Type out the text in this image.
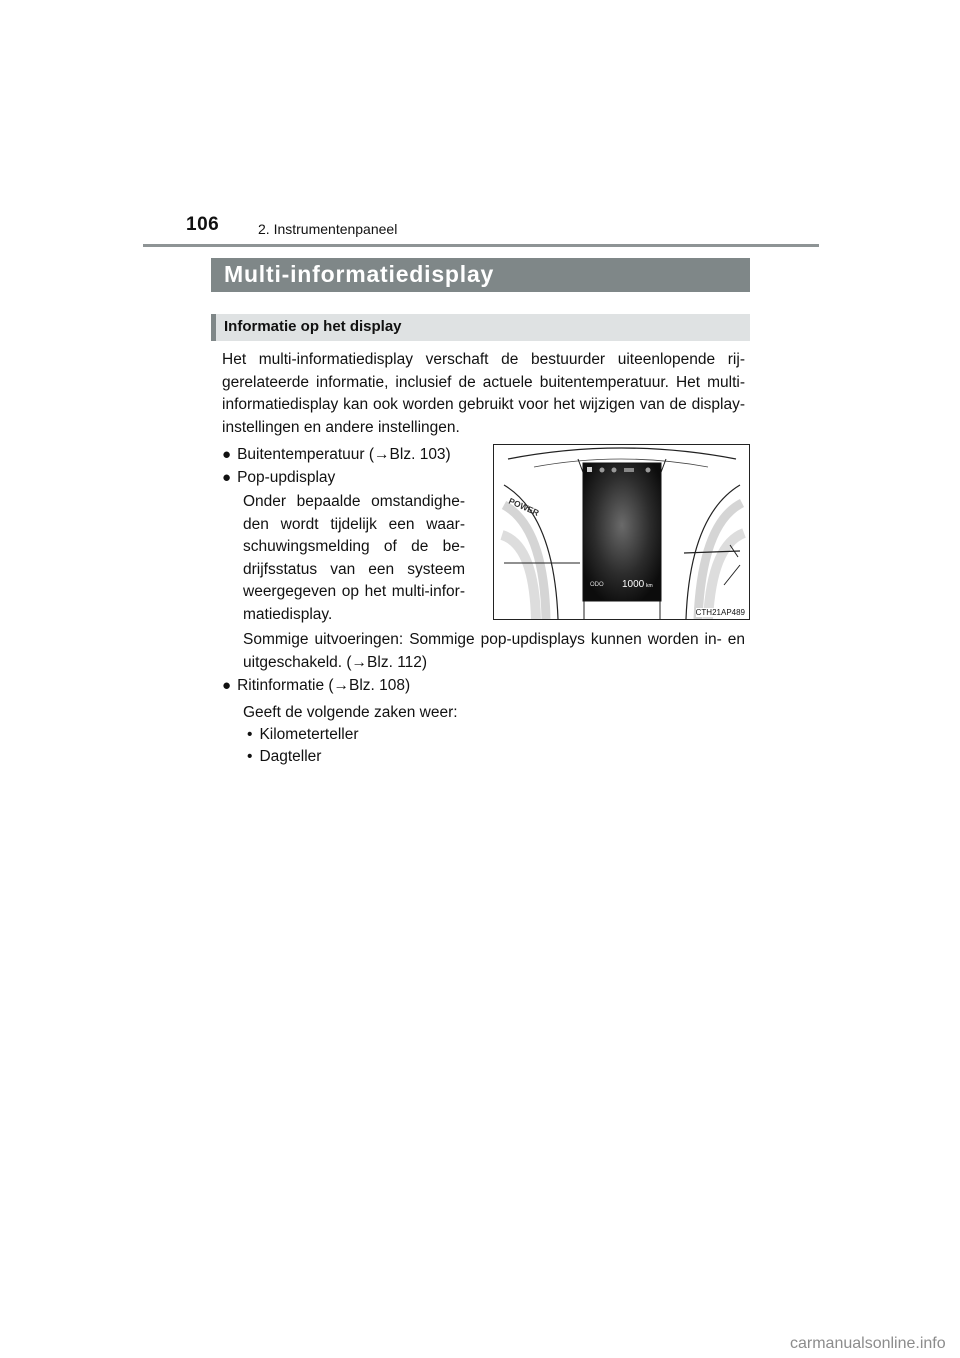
106	2. Instrumentenpaneel
Multi-informatiedisplay
Informatie op het display
Het multi-informatiedisplay verschaft de bestuurder uiteenlopende rij-gerelateerde informatie, inclusief de actuele buitentemperatuur. Het multi-informatiedisplay kan ook worden gebruikt voor het wijzigen van de display-instellingen en andere instellingen.
● Buitentemperatuur (→Blz. 103)
● Pop-updisplay
Onder bepaalde omstandighe-den wordt tijdelijk een waar-schuwingsmelding of de be-drijfsstatus van een systeem weergegeven op het multi-infor-matiedisplay.
Sommige uitvoeringen: Sommige pop-updisplays kunnen worden in- en uitgeschakeld. (→Blz. 112)
● Ritinformatie (→Blz. 108)
Geeft de volgende zaken weer:
• Kilometerteller
• Dagteller
POWER
ODO 1000 km
CTH21AP489
carmanualsonline.info
